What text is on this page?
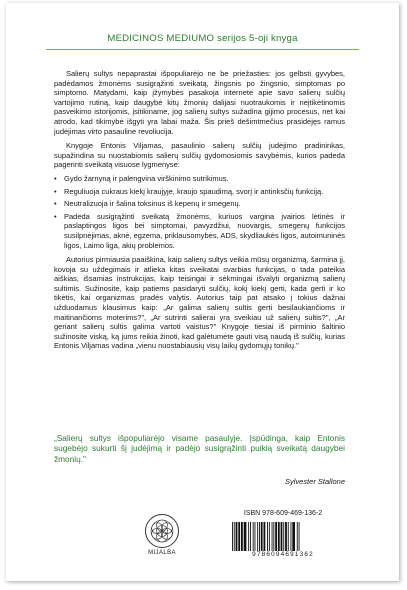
MEDICINOS MEDIUMO serijos 5-oji knyga

Salierų sultys nepaprastai išpopuliarėjo ne be priežasties: jos gelbsti gyvybes, padėdamos žmonėms susigrąžinti sveikatą, žingsnis po žingsnio, simptomas po simptomo. Matydami, kaip įžymybės pasakoja internete apie savo salierų sulčių vartojimo rutiną, kaip daugybė kitų žmonių dalijasi nuotraukomis ir neįtikėtinomis pasveikimo istorijomis, įsitikiname, jog salierų sultys sužadina gijimo procesus, net kai atrodo, kad tikimybė išgyti yra labai maža. Šis prieš dešimtmečius prasidėjęs ramus judėjimas virto pasauline revoliucija.

Knygoje Entonis Viljamas, pasaulinio salierų sulčių judėjimo pradininkas, supažindina su nuostabiomis salierų sulčių gydomosiomis savybėmis, kurios padeda pagerinti sveikatą visuose lygmenyse:

• Gydo žarnyną ir palengvina virškinimo sutrikimus.
• Reguliuoja cukraus kiekį kraujyje, kraujo spaudimą, svorį ir antinksčių funkciją.
• Neutralizuoja ir šalina toksinus iš kepenų ir smegenų.
• Padeda susigrąžinti sveikatą žmonėms, kuriuos vargina įvairios lėtinės ir paslaptingos ligos bei simptomai, pavyzdžiui, nuovargis, smegenų funkcijos susilpnėjimas, aknė, egzema, priklausomybės, ADS, skydliaukės ligos, autoimuninės ligos, Laimo liga, akių problemos.

Autorius pirmiausia paaiškina, kaip salierų sultys veikia mūsų organizmą, šarmina jį, kovoja su uždegimais ir atlieka kitas sveikatai svarbias funkcijas, o tada pateikia aiškias, išsamias instrukcijas, kaip teisingai ir sėkmingai išvalyti organizmą salierų sultimis. Sužinosite, kaip patiems pasidaryti sulčių, kokį kiekį gerti, kada gerti ir ko tikėtis, kai organizmas pradės valytis. Autorius taip pat atsako į tokius dažnai užduodamus klausimus kaip: „Ar galima salierų sultis gerti besilaukiančioms ir maitinančioms moterims?", „Ar sutrinti salierai yra sveikiau už salierų sultis?", „Ar geriant salierų sultis galima vartoti vaistus?" Knygoje tiesiai iš pirminio šaltinio sužinosite viską, ką jums reikia žinoti, kad galėtumėte gauti visą naudą iš sulčių, kurias Entonis Viljamas vadina „vienu nuostabiausių visų laikų gydomųjų tonikų."

„Salierų sultys išpopuliarėjo visame pasaulyje. Įspūdinga, kaip Entonis sugebėjo sukurti šį judėjimą ir padėjo susigrąžinti puikią sveikatą daugybei žmonių."
Sylvester Stallone
MIJALBA
ISBN 978-609-469-136-2
9786094691362
